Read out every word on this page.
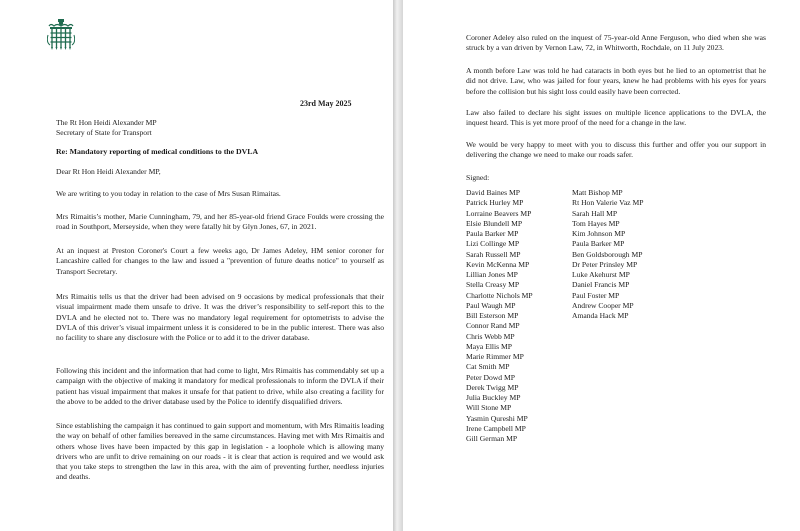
23rd May 2025
The Rt Hon Heidi Alexander MP
Secretary of State for Transport
Re: Mandatory reporting of medical conditions to the DVLA
Dear Rt Hon Heidi Alexander MP,
We are writing to you today in relation to the case of Mrs Susan Rimaitas.
Mrs Rimaitis’s mother, Marie Cunningham, 79, and her 85-year-old friend Grace Foulds were crossing the road in Southport, Merseyside, when they were fatally hit by Glyn Jones, 67, in 2021.
At an inquest at Preston Coroner's Court a few weeks ago, Dr James Adeley, HM senior coroner for Lancashire called for changes to the law and issued a "prevention of future deaths notice" to yourself as Transport Secretary.
Mrs Rimaitis tells us that the driver had been advised on 9 occasions by medical professionals that their visual impairment made them unsafe to drive. It was the driver’s responsibility to self-report this to the DVLA and he elected not to. There was no mandatory legal requirement for optometrists to advise the DVLA of this driver’s visual impairment unless it is considered to be in the public interest. There was also no facility to share any disclosure with the Police or to add it to the driver database.
Following this incident and the information that had come to light, Mrs Rimaitis has commendably set up a campaign with the objective of making it mandatory for medical professionals to inform the DVLA if their patient has visual impairment that makes it unsafe for that patient to drive, while also creating a facility for the above to be added to the driver database used by the Police to identify disqualified drivers.
Since establishing the campaign it has continued to gain support and momentum, with Mrs Rimaitis leading the way on behalf of other families bereaved in the same circumstances. Having met with Mrs Rimaitis and others whose lives have been impacted by this gap in legislation - a loophole which is allowing many drivers who are unfit to drive remaining on our roads - it is clear that action is required and we would ask that you take steps to strengthen the law in this area, with the aim of preventing further, needless injuries and deaths.
Coroner Adeley also ruled on the inquest of 75-year-old Anne Ferguson, who died when she was struck by a van driven by Vernon Law, 72, in Whitworth, Rochdale, on 11 July 2023.
A month before Law was told he had cataracts in both eyes but he lied to an optometrist that he did not drive. Law, who was jailed for four years, knew he had problems with his eyes for years before the collision but his sight loss could easily have been corrected.
Law also failed to declare his sight issues on multiple licence applications to the DVLA, the inquest heard. This is yet more proof of the need for a change in the law.
We would be very happy to meet with you to discuss this further and offer you our support in delivering the change we need to make our roads safer.
Signed:
David Baines MP
Patrick Hurley MP
Lorraine Beavers MP
Elsie Blundell MP
Paula Barker MP
Lizi Collinge MP
Sarah Russell MP
Kevin McKenna MP
Lillian Jones MP
Stella Creasy MP
Charlotte Nichols MP
Paul Waugh MP
Bill Esterson MP
Connor Rand MP
Chris Webb MP
Maya Ellis MP
Marie Rimmer MP
Cat Smith MP
Peter Dowd MP
Derek Twigg MP
Julia Buckley MP
Will Stone MP
Yasmin Qureshi MP
Irene Campbell MP
Gill German MP
Matt Bishop MP
Rt Hon Valerie Vaz MP
Sarah Hall MP
Tom Hayes MP
Kim Johnson MP
Paula Barker MP
Ben Goldsborough MP
Dr Peter Prinsley MP
Luke Akehurst MP
Daniel Francis MP
Paul Foster MP
Andrew Cooper MP
Amanda Hack MP
